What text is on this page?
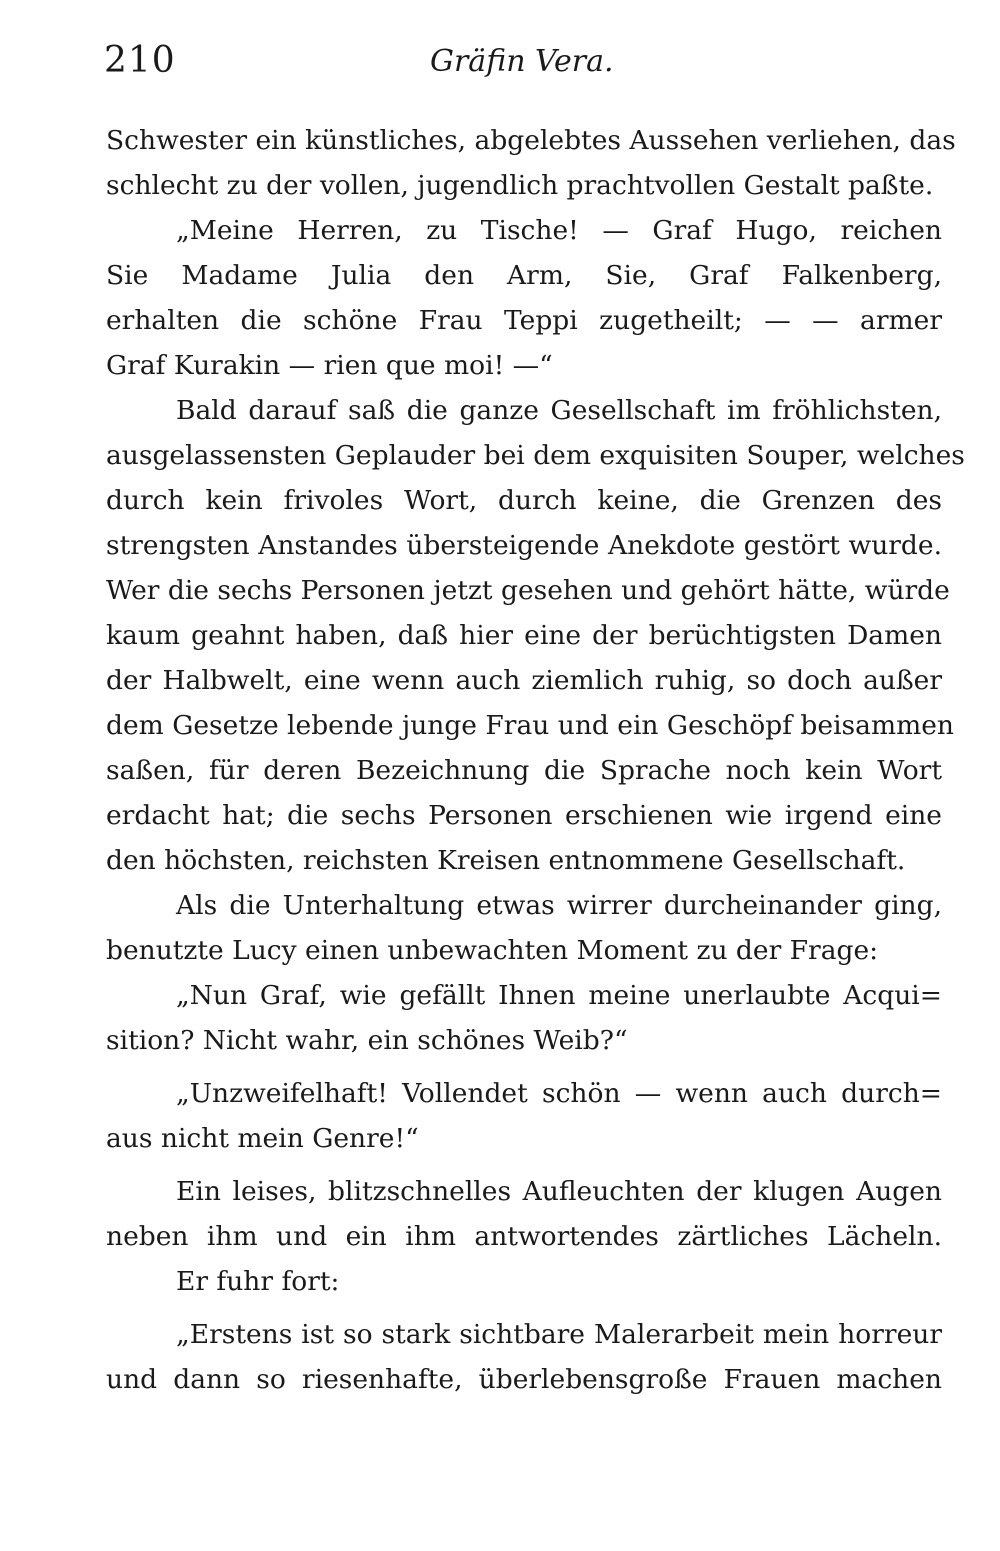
210	Gräfin Vera.
Schwester ein künstliches, abgelebtes Aussehen verliehen, das
schlecht zu der vollen, jugendlich prachtvollen Gestalt paßte.
„Meine Herren, zu Tische! — Graf Hugo, reichen
Sie Madame Julia den Arm, Sie, Graf Falkenberg,
erhalten die schöne Frau Teppi zugetheilt; — — armer
Graf Kurakin — rien que moi! —“
Bald darauf saß die ganze Gesellschaft im fröhlichsten,
ausgelassensten Geplauder bei dem exquisiten Souper, welches
durch kein frivoles Wort, durch keine, die Grenzen des
strengsten Anstandes übersteigende Anekdote gestört wurde.
Wer die sechs Personen jetzt gesehen und gehört hätte, würde
kaum geahnt haben, daß hier eine der berüchtigsten Damen
der Halbwelt, eine wenn auch ziemlich ruhig, so doch außer
dem Gesetze lebende junge Frau und ein Geschöpf beisammen
saßen, für deren Bezeichnung die Sprache noch kein Wort
erdacht hat; die sechs Personen erschienen wie irgend eine
den höchsten, reichsten Kreisen entnommene Gesellschaft.
Als die Unterhaltung etwas wirrer durcheinander ging,
benutzte Lucy einen unbewachten Moment zu der Frage:
„Nun Graf, wie gefällt Ihnen meine unerlaubte Acqui=
sition? Nicht wahr, ein schönes Weib?“
„Unzweifelhaft! Vollendet schön — wenn auch durch=
aus nicht mein Genre!“
Ein leises, blitzschnelles Aufleuchten der klugen Augen
neben ihm und ein ihm antwortendes zärtliches Lächeln.
Er fuhr fort:
„Erstens ist so stark sichtbare Malerarbeit mein horreur
und dann so riesenhafte, überlebensgroße Frauen machen
